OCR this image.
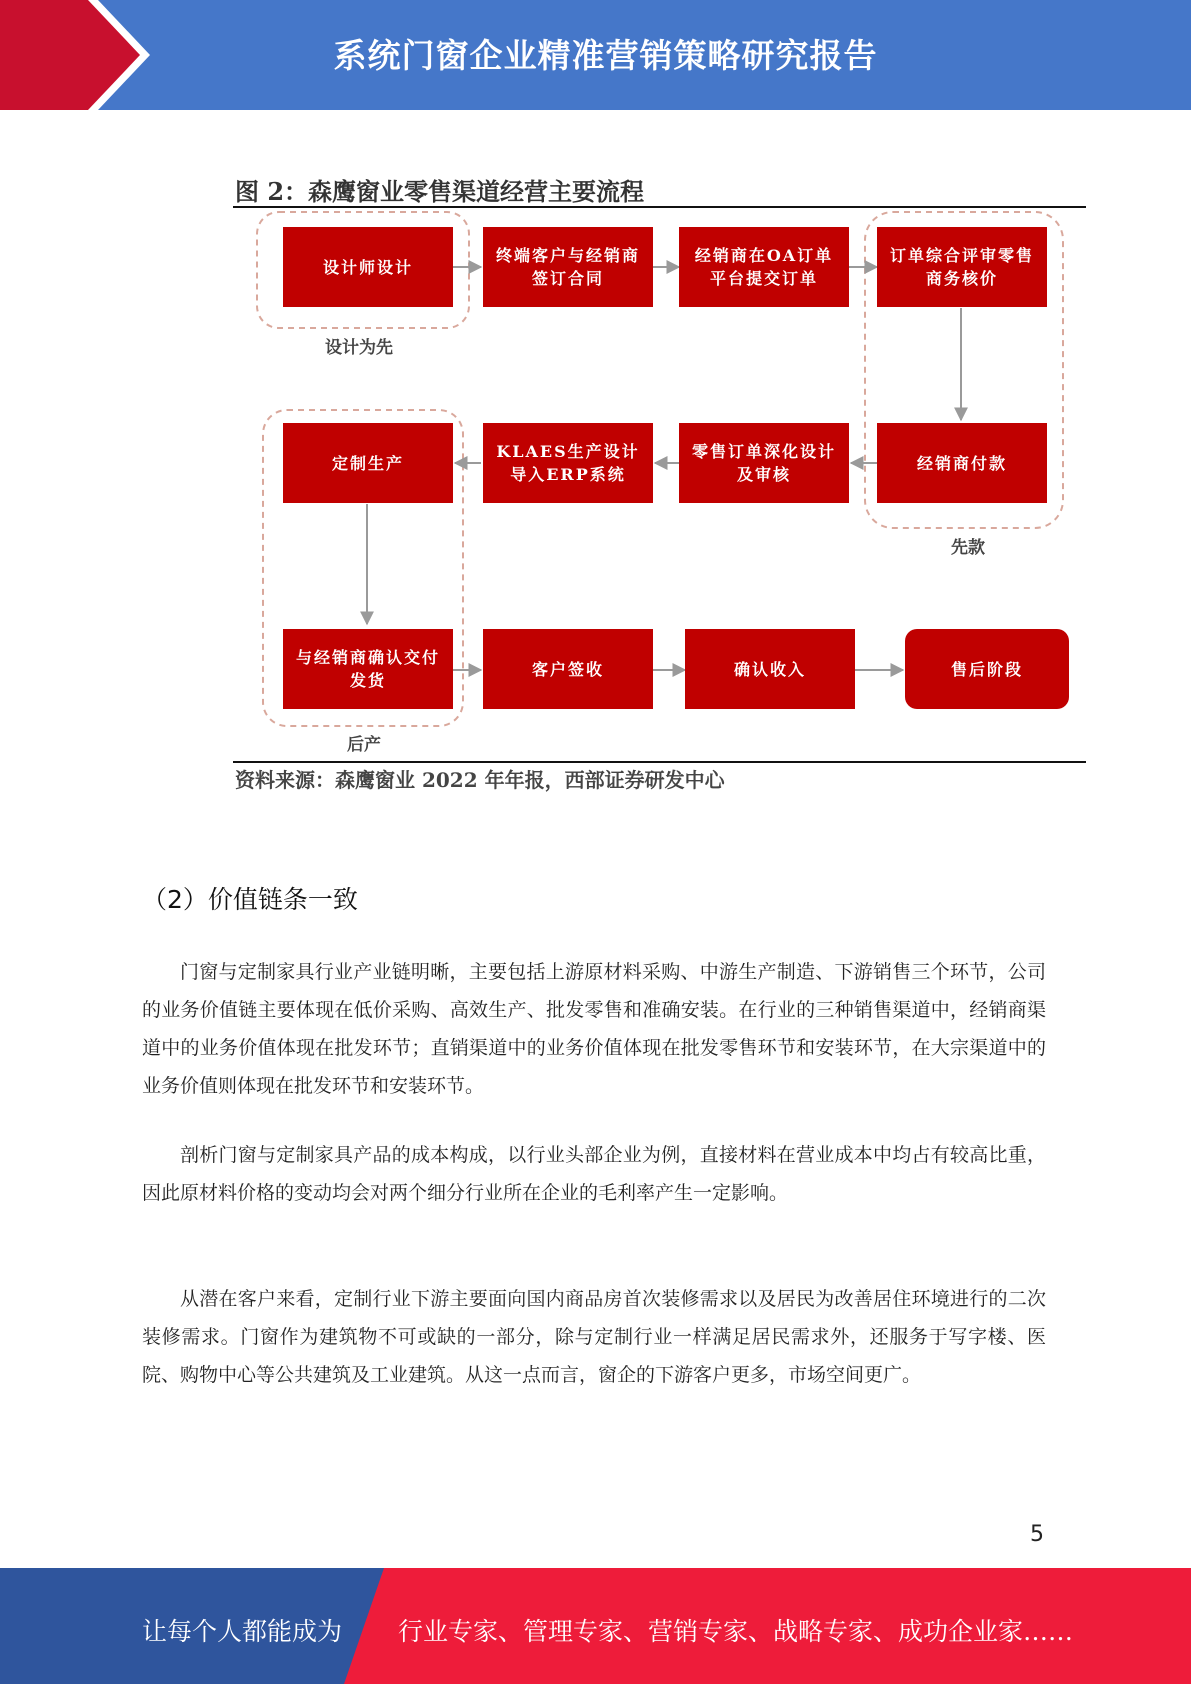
系统门窗企业精准营销策略研究报告
图 2：森鹰窗业零售渠道经营主要流程
设计师设计
终端客户与经销商签订合同
经销商在OA订单平台提交订单
订单综合评审零售商务核价
经销商付款
零售订单深化设计及审核
KLAES生产设计导入ERP系统
定制生产
与经销商确认交付发货
客户签收	确认收入	售后阶段
设计为先
先款
后产
资料来源：森鹰窗业 2022 年年报，西部证券研发中心
（2）价值链条一致
门窗与定制家具行业产业链明晰，主要包括上游原材料采购、中游生产制造、下游销售三个环节，公司的业务价值链主要体现在低价采购、高效生产、批发零售和准确安装。在行业的三种销售渠道中，经销商渠道中的业务价值体现在批发环节；直销渠道中的业务价值体现在批发零售环节和安装环节，在大宗渠道中的业务价值则体现在批发环节和安装环节。
剖析门窗与定制家具产品的成本构成，以行业头部企业为例，直接材料在营业成本中均占有较高比重，因此原材料价格的变动均会对两个细分行业所在企业的毛利率产生一定影响。
从潜在客户来看，定制行业下游主要面向国内商品房首次装修需求以及居民为改善居住环境进行的二次装修需求。门窗作为建筑物不可或缺的一部分，除与定制行业一样满足居民需求外，还服务于写字楼、医院、购物中心等公共建筑及工业建筑。从这一点而言，窗企的下游客户更多，市场空间更广。
5
让每个人都能成为 行业专家、管理专家、营销专家、战略专家、成功企业家……
